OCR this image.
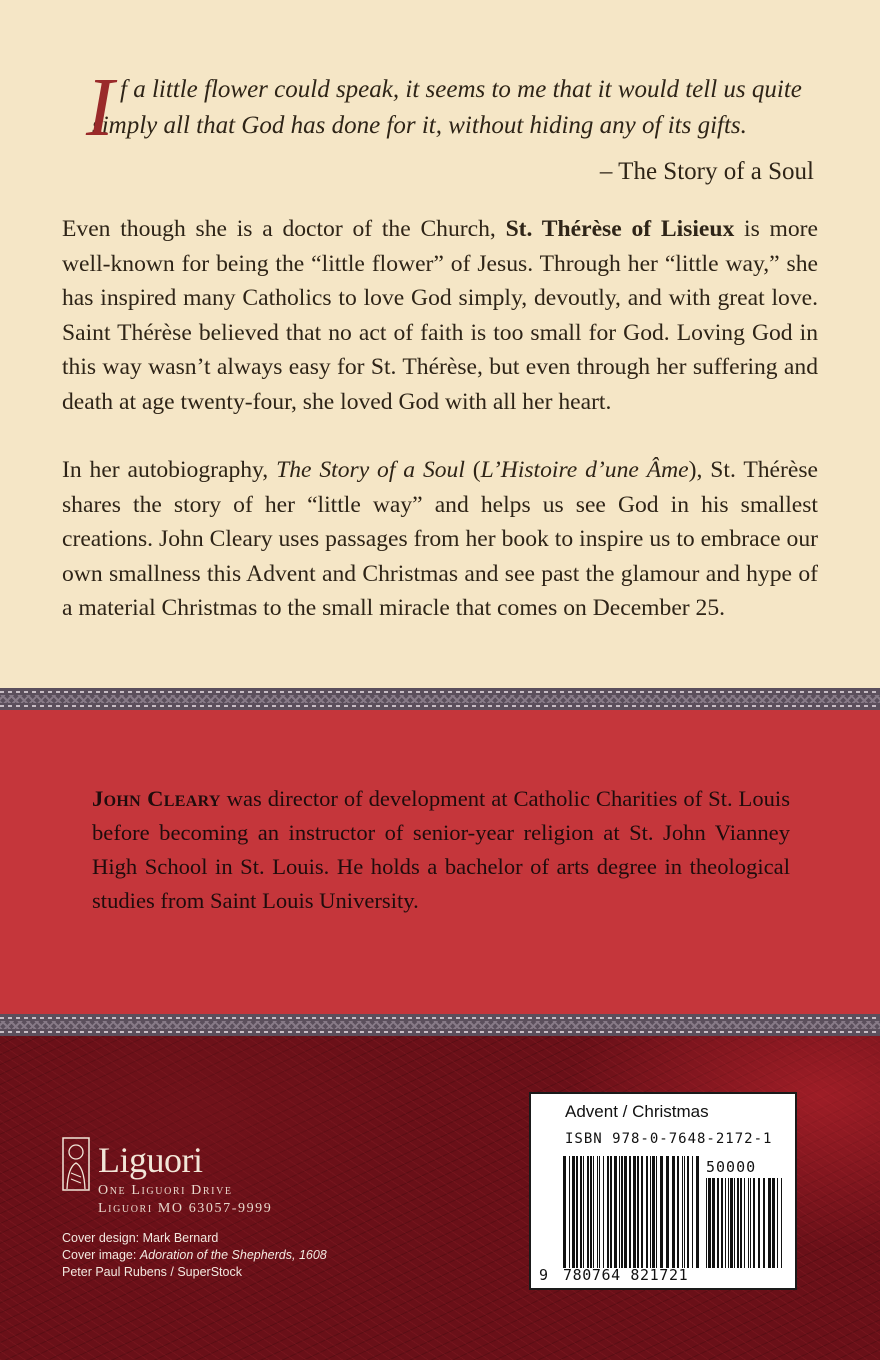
I f a little flower could speak, it seems to me that it would tell us quite simply all that God has done for it, without hiding any of its gifts.
– The Story of a Soul
Even though she is a doctor of the Church, St. Thérèse of Lisieux is more well-known for being the “little flower” of Jesus. Through her “little way,” she has inspired many Catholics to love God simply, devoutly, and with great love. Saint Thérèse believed that no act of faith is too small for God. Loving God in this way wasn’t always easy for St. Thérèse, but even through her suffering and death at age twenty-four, she loved God with all her heart.
In her autobiography, The Story of a Soul (L’Histoire d’une Âme), St. Thérèse shares the story of her “little way” and helps us see God in his smallest creations. John Cleary uses passages from her book to inspire us to embrace our own smallness this Advent and Christmas and see past the glamour and hype of a material Christmas to the small miracle that comes on December 25.
John Cleary was director of development at Catholic Charities of St. Louis before becoming an instructor of senior-year religion at St. John Vianney High School in St. Louis. He holds a bachelor of arts degree in theological studies from Saint Louis University.
Liguori
One Liguori Drive
Liguori MO 63057-9999
Cover design: Mark Bernard
Cover image: Adoration of the Shepherds, 1608
Peter Paul Rubens / SuperStock
Advent / Christmas
ISBN 978-0-7648-2172-1
50000
9 780764 821721
